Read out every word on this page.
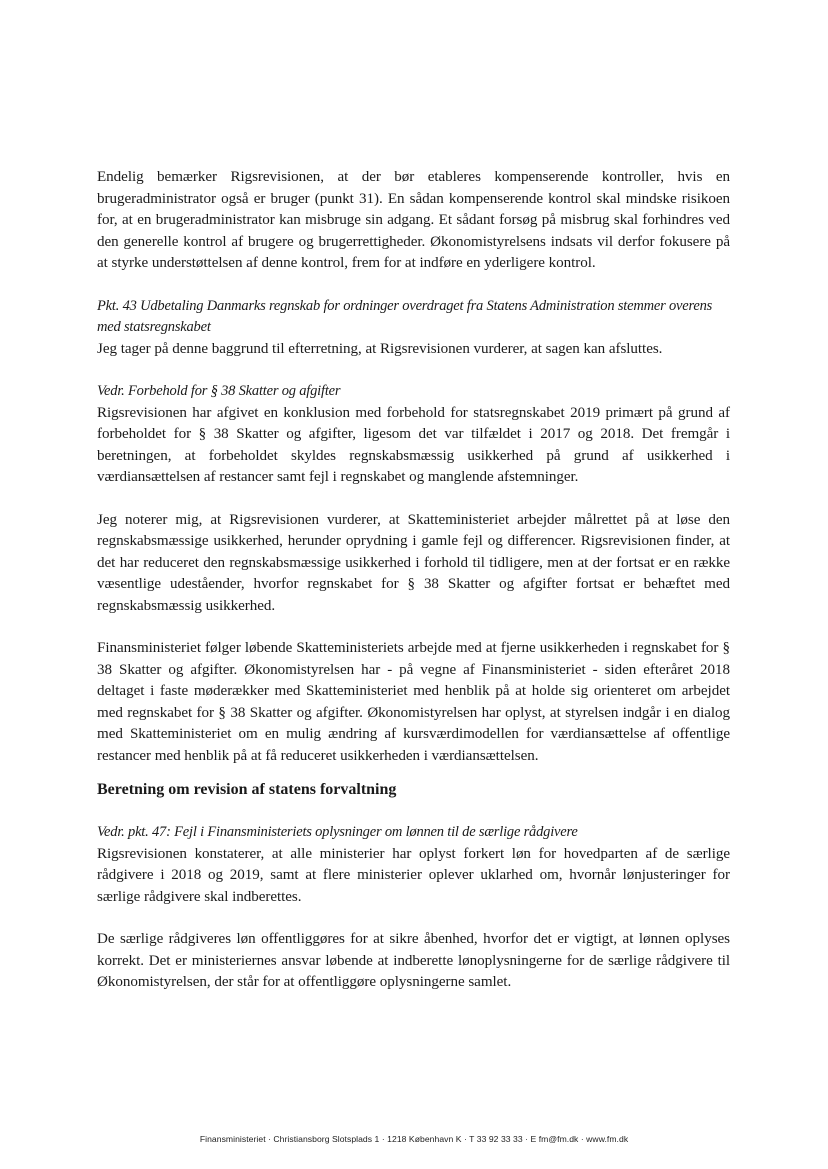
Endelig bemærker Rigsrevisionen, at der bør etableres kompenserende kontroller, hvis en brugeradministrator også er bruger (punkt 31). En sådan kompenserende kontrol skal mindske risikoen for, at en brugeradministrator kan misbruge sin adgang. Et sådant forsøg på misbrug skal forhindres ved den generelle kontrol af brugere og brugerrettigheder. Økonomistyrelsens indsats vil derfor fokusere på at styrke understøttelsen af denne kontrol, frem for at indføre en yderligere kontrol.

Pkt. 43 Udbetaling Danmarks regnskab for ordninger overdraget fra Statens Administration stemmer overens med statsregnskabet

Jeg tager på denne baggrund til efterretning, at Rigsrevisionen vurderer, at sagen kan afsluttes.

Vedr. Forbehold for § 38 Skatter og afgifter

Rigsrevisionen har afgivet en konklusion med forbehold for statsregnskabet 2019 primært på grund af forbeholdet for § 38 Skatter og afgifter, ligesom det var tilfældet i 2017 og 2018. Det fremgår i beretningen, at forbeholdet skyldes regnskabsmæssig usikkerhed på grund af usikkerhed i værdiansættelsen af restancer samt fejl i regnskabet og manglende afstemninger.

Jeg noterer mig, at Rigsrevisionen vurderer, at Skatteministeriet arbejder målrettet på at løse den regnskabsmæssige usikkerhed, herunder oprydning i gamle fejl og differencer. Rigsrevisionen finder, at det har reduceret den regnskabsmæssige usikkerhed i forhold til tidligere, men at der fortsat er en række væsentlige udeståender, hvorfor regnskabet for § 38 Skatter og afgifter fortsat er behæftet med regnskabsmæssig usikkerhed.

Finansministeriet følger løbende Skatteministeriets arbejde med at fjerne usikkerheden i regnskabet for § 38 Skatter og afgifter. Økonomistyrelsen har - på vegne af Finansministeriet - siden efteråret 2018 deltaget i faste møderækker med Skatteministeriet med henblik på at holde sig orienteret om arbejdet med regnskabet for § 38 Skatter og afgifter. Økonomistyrelsen har oplyst, at styrelsen indgår i en dialog med Skatteministeriet om en mulig ændring af kursværdimodellen for værdiansættelse af offentlige restancer med henblik på at få reduceret usikkerheden i værdiansættelsen.

Beretning om revision af statens forvaltning

Vedr. pkt. 47: Fejl i Finansministeriets oplysninger om lønnen til de særlige rådgivere

Rigsrevisionen konstaterer, at alle ministerier har oplyst forkert løn for hovedparten af de særlige rådgivere i 2018 og 2019, samt at flere ministerier oplever uklarhed om, hvornår lønjusteringer for særlige rådgivere skal indberettes.

De særlige rådgiveres løn offentliggøres for at sikre åbenhed, hvorfor det er vigtigt, at lønnen oplyses korrekt. Det er ministeriernes ansvar løbende at indberette lønoplysningerne for de særlige rådgivere til Økonomistyrelsen, der står for at offentliggøre oplysningerne samlet.

Finansministeriet · Christiansborg Slotsplads 1 · 1218 København K · T 33 92 33 33 · E fm@fm.dk · www.fm.dk
